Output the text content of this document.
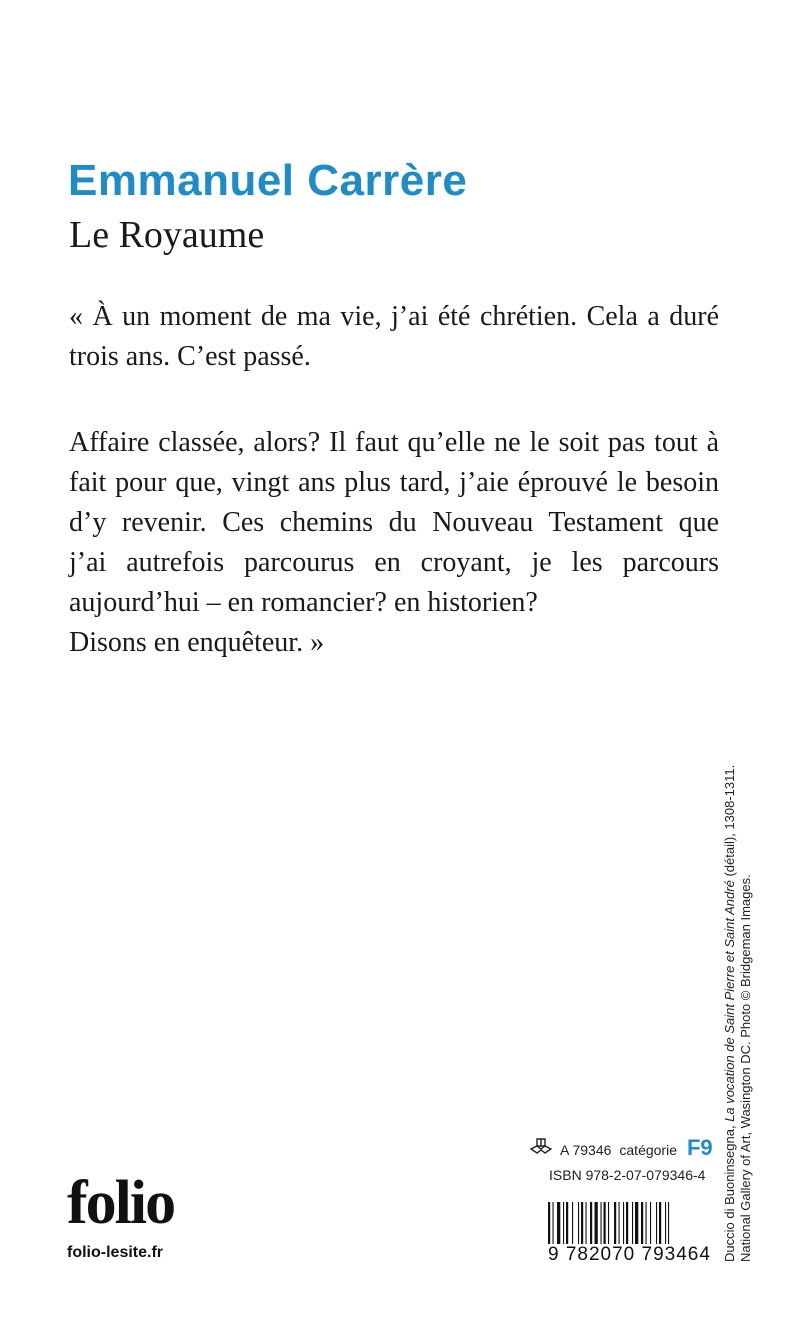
Emmanuel Carrère
Le Royaume
« À un moment de ma vie, j’ai été chrétien. Cela a duré
trois ans. C’est passé.
Affaire classée, alors? Il faut qu’elle ne le soit pas tout à
fait pour que, vingt ans plus tard, j’aie éprouvé le besoin
d’y revenir. Ces chemins du Nouveau Testament que
j’ai autrefois parcourus en croyant, je les parcours
aujourd’hui – en romancier? en historien?
Disons en enquêteur. »
Duccio di Buoninsegna, La vocation de Saint Pierre et Saint André (détail), 1308-1311.
National Gallery of Art, Wasington DC. Photo © Bridgeman Images.
A 79346 catégorie F9
ISBN 978-2-07-079346-4
9 782070 793464
folio
folio-lesite.fr
